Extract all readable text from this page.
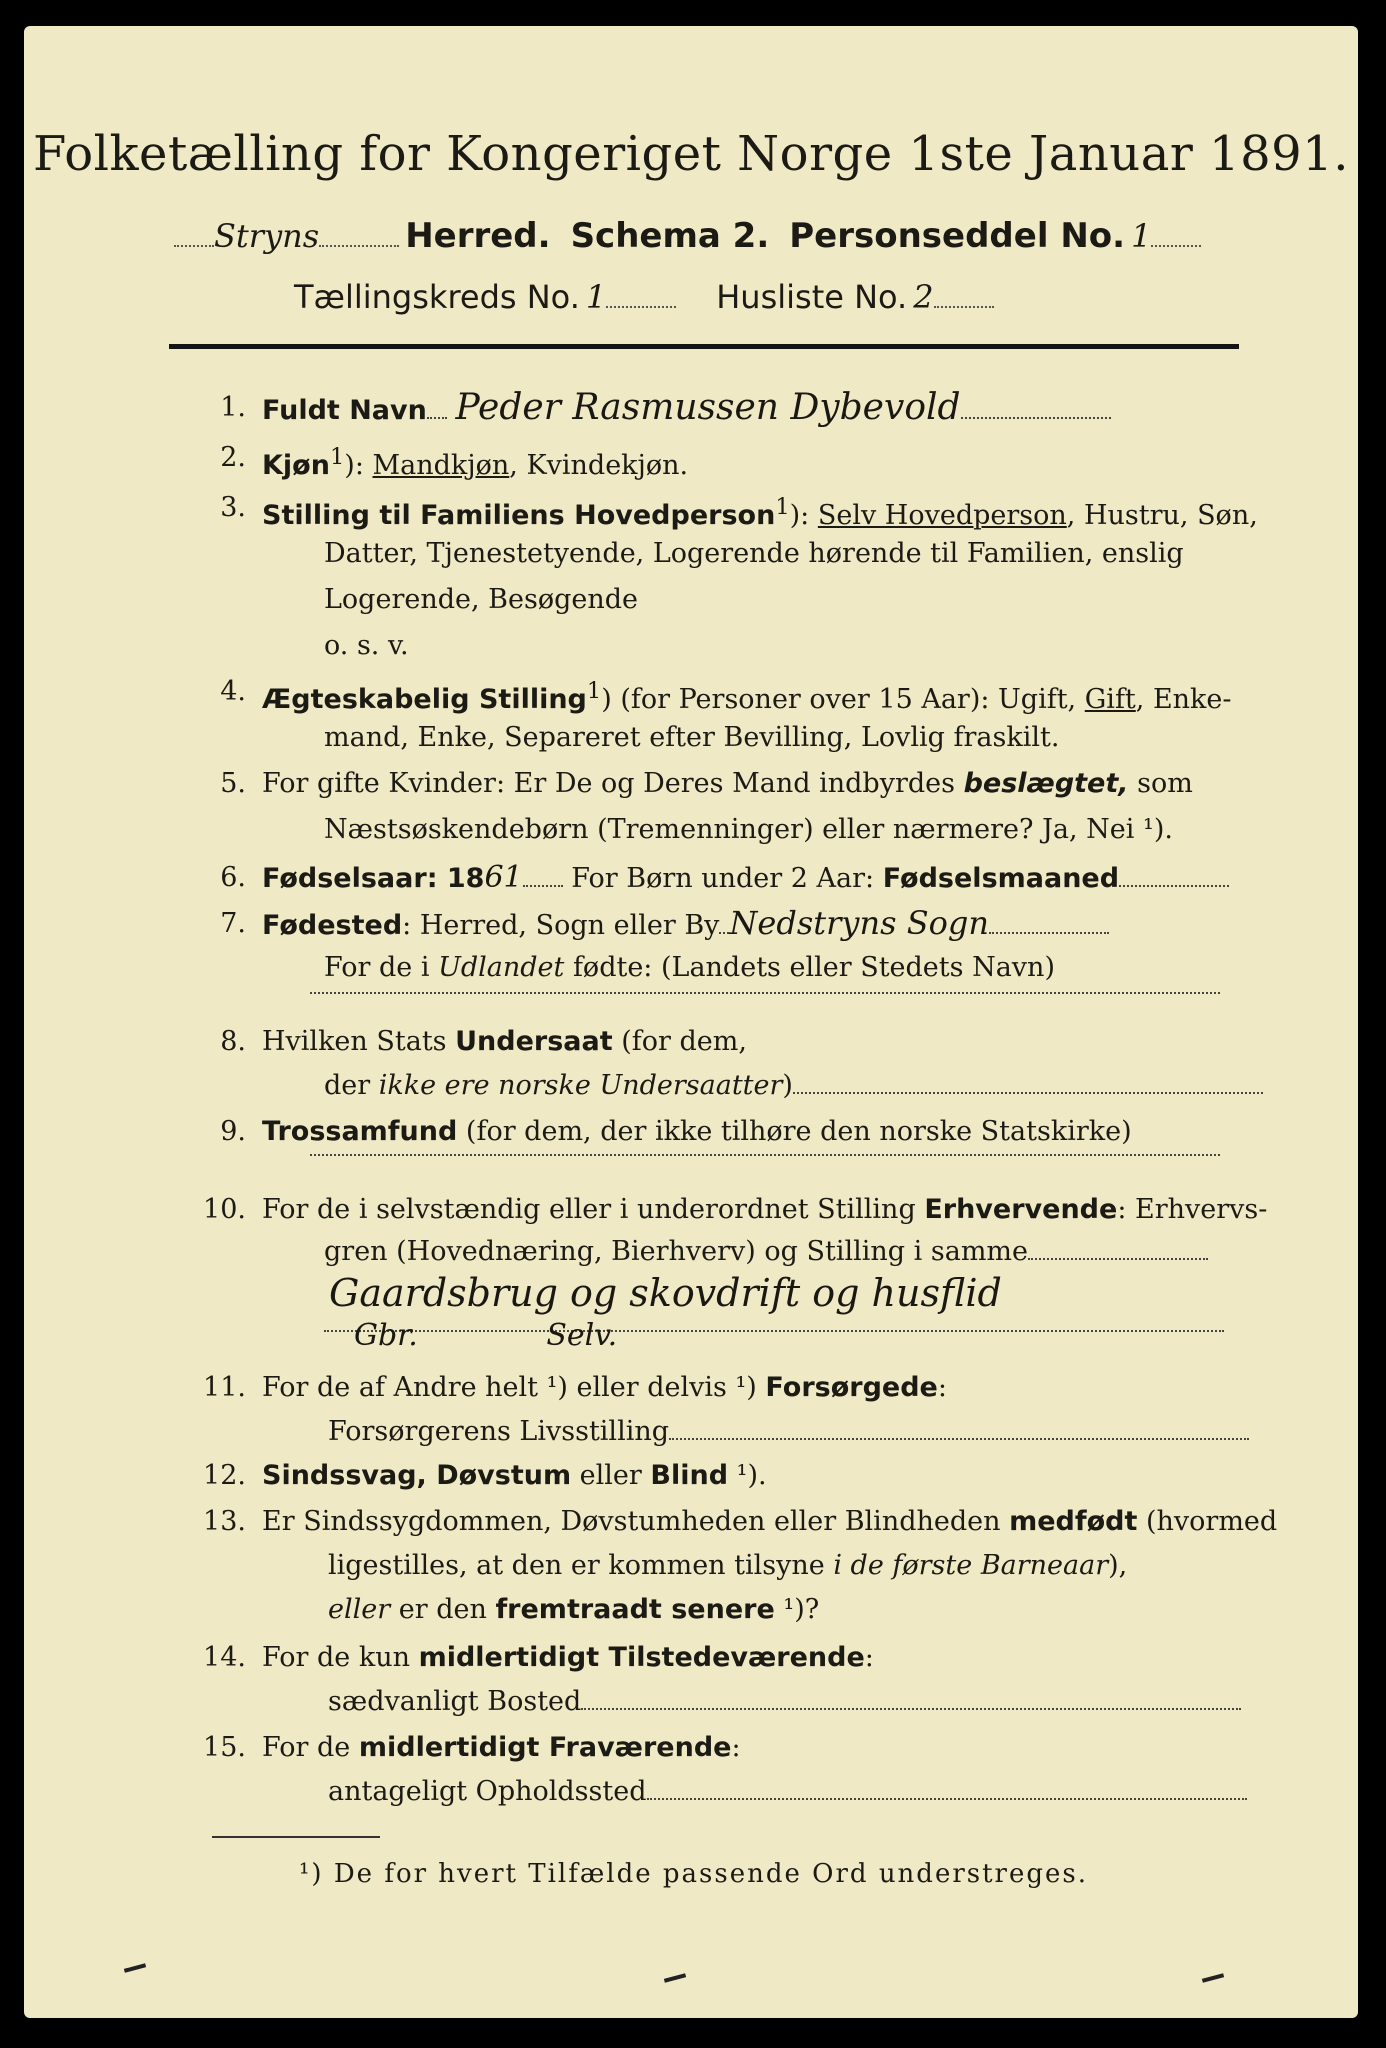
Folketælling for Kongeriget Norge 1ste Januar 1891.
Stryns	Herred. Schema 2. Personseddel No. 1
Tællingskreds No. 1	Husliste No. 2
1. Fuldt Navn Peder Rasmussen Dybevold
2. Kjøn$^1$): Mandkjøn, Kvindekjøn.
3. Stilling til Familiens Hovedperson$^1$): Selv Hovedperson, Hustru, Søn,
Datter, Tjenestetyende, Logerende hørende til Familien, enslig
Logerende, Besøgende
o. s. v.
4. Ægteskabelig Stilling$^1$) (for Personer over 15 Aar): Ugift, Gift, Enke-
mand, Enke, Separeret efter Bevilling, Lovlig fraskilt.
5. For gifte Kvinder: Er De og Deres Mand indbyrdes beslægtet, som
Næstsøskendebørn (Tremenninger) eller nærmere? Ja, Nei ¹).
6. Fødselsaar: 1861 For Børn under 2 Aar: Fødselsmaaned
7. Fødested: Herred, Sogn eller By Nedstryns Sogn
For de i Udlandet fødte: (Landets eller Stedets Navn)
8. Hvilken Stats Undersaat (for dem,
der ikke ere norske Undersaatter)
9. Trossamfund (for dem, der ikke tilhøre den norske Statskirke)
10. For de i selvstændig eller i underordnet Stilling Erhvervende: Erhvervs-
gren (Hovednæring, Bierhverv) og Stilling i samme
Gaardsbrug og skovdrift og husflid
Gbr.	Selv.
11. For de af Andre helt ¹) eller delvis ¹) Forsørgede:
Forsørgerens Livsstilling
12. Sindssvag, Døvstum eller Blind ¹).
13. Er Sindssygdommen, Døvstumheden eller Blindheden medfødt (hvormed
ligestilles, at den er kommen tilsyne i de første Barneaar),
eller er den fremtraadt senere ¹)?
14. For de kun midlertidigt Tilstedeværende:
sædvanligt Bosted
15. For de midlertidigt Fraværende:
antageligt Opholdssted
¹) De for hvert Tilfælde passende Ord understreges.
